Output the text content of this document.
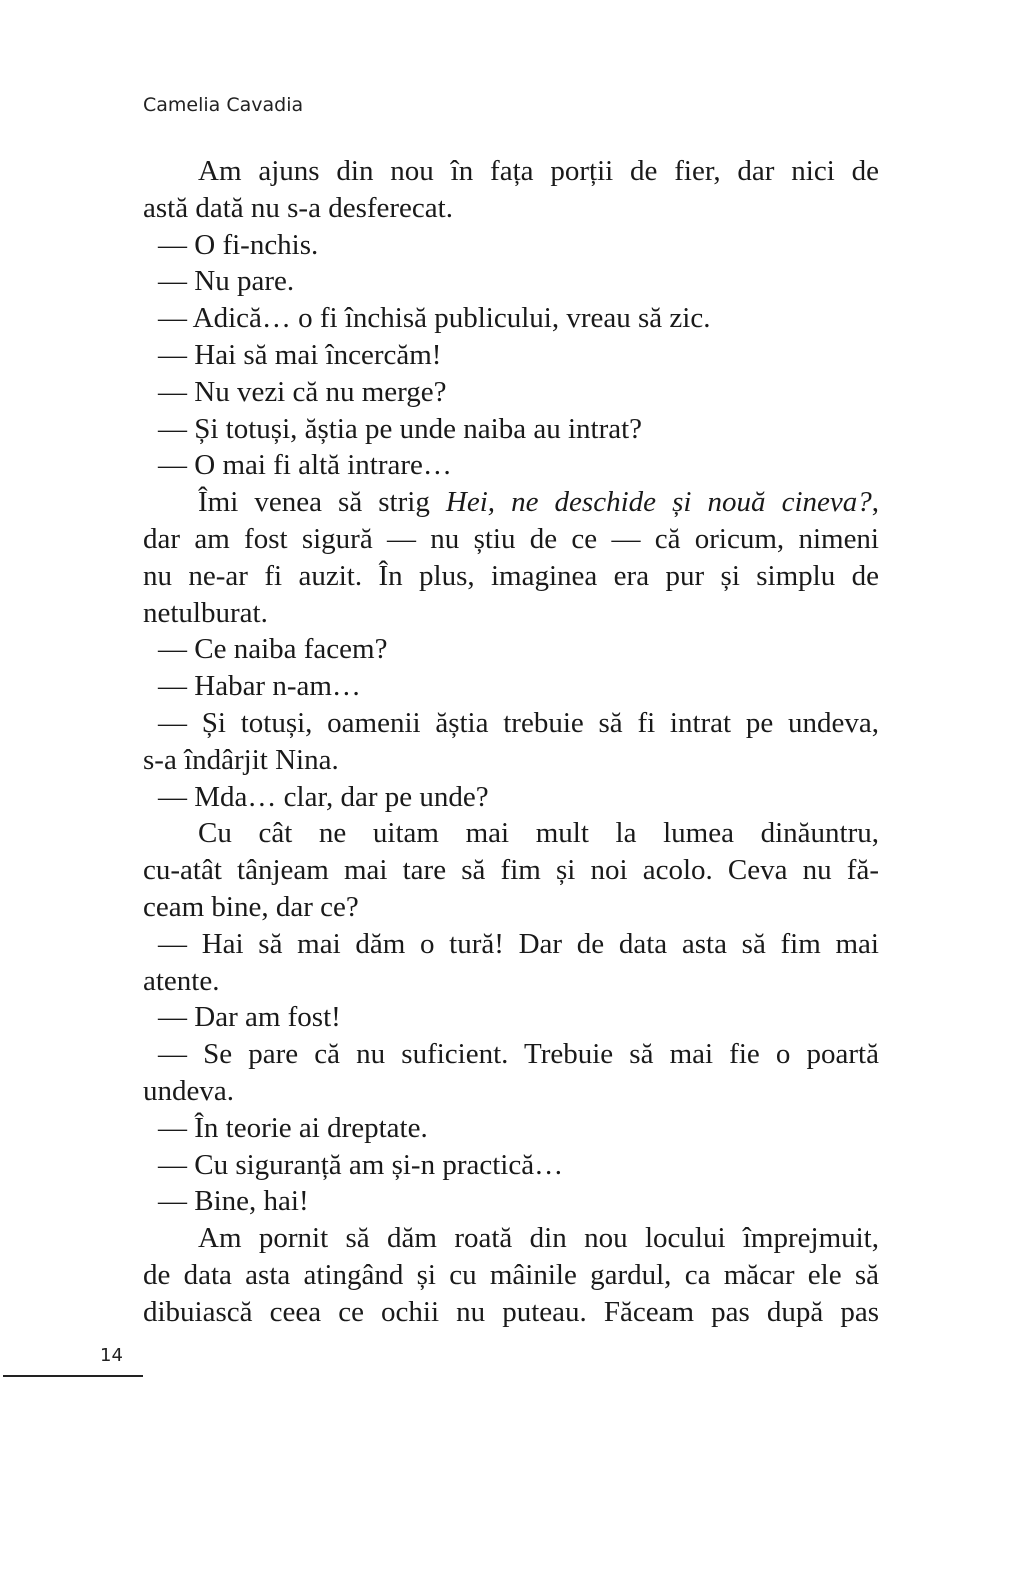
Camelia Cavadia
Am ajuns din nou în fața porții de fier, dar nici de
astă dată nu s-a desferecat.
— O fi-nchis.
— Nu pare.
— Adică… o fi închisă publicului, vreau să zic.
— Hai să mai încercăm!
— Nu vezi că nu merge?
— Și totuși, ăștia pe unde naiba au intrat?
— O mai fi altă intrare…
Îmi venea să strig Hei, ne deschide și nouă cineva?,
dar am fost sigură — nu știu de ce — că oricum, nimeni
nu ne-ar fi auzit. În plus, imaginea era pur și simplu de
netulburat.
— Ce naiba facem?
— Habar n-am…
— Și totuși, oamenii ăștia trebuie să fi intrat pe undeva,
s-a îndârjit Nina.
— Mda… clar, dar pe unde?
Cu cât ne uitam mai mult la lumea dinăuntru,
cu-atât tânjeam mai tare să fim și noi acolo. Ceva nu fă-
ceam bine, dar ce?
— Hai să mai dăm o tură! Dar de data asta să fim mai
atente.
— Dar am fost!
— Se pare că nu suficient. Trebuie să mai fie o poartă
undeva.
— În teorie ai dreptate.
— Cu siguranță am și-n practică…
— Bine, hai!
Am pornit să dăm roată din nou locului împrejmuit,
de data asta atingând și cu mâinile gardul, ca măcar ele să
dibuiască ceea ce ochii nu puteau. Făceam pas după pas
14
